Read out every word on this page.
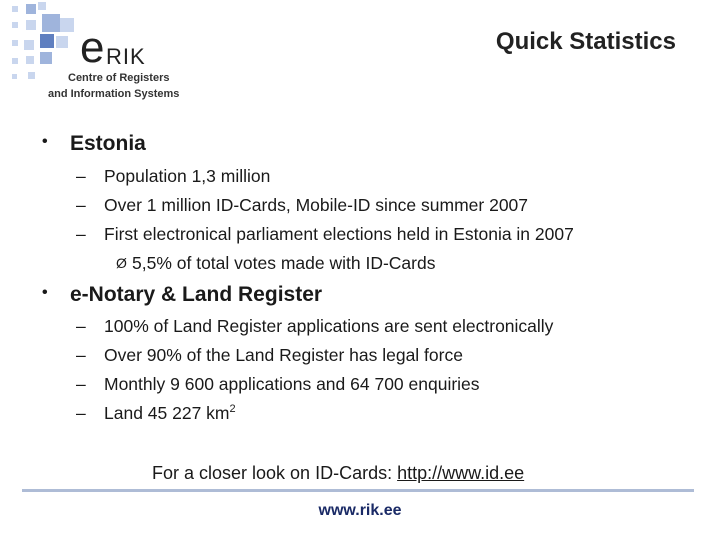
e RIK
Centre of Registers
and Information Systems
Quick Statistics
• Estonia
– Population 1,3 million
– Over 1 million ID-Cards, Mobile-ID since summer 2007
– First electronical parliament elections held in Estonia in 2007
Ø 5,5% of total votes made with ID-Cards
• e-Notary & Land Register
– 100% of Land Register applications are sent electronically
– Over 90% of the Land Register has legal force
– Monthly 9 600 applications and 64 700 enquiries
– Land 45 227 $km^2$
For a closer look on ID-Cards: http://www.id.ee
www.rik.ee
